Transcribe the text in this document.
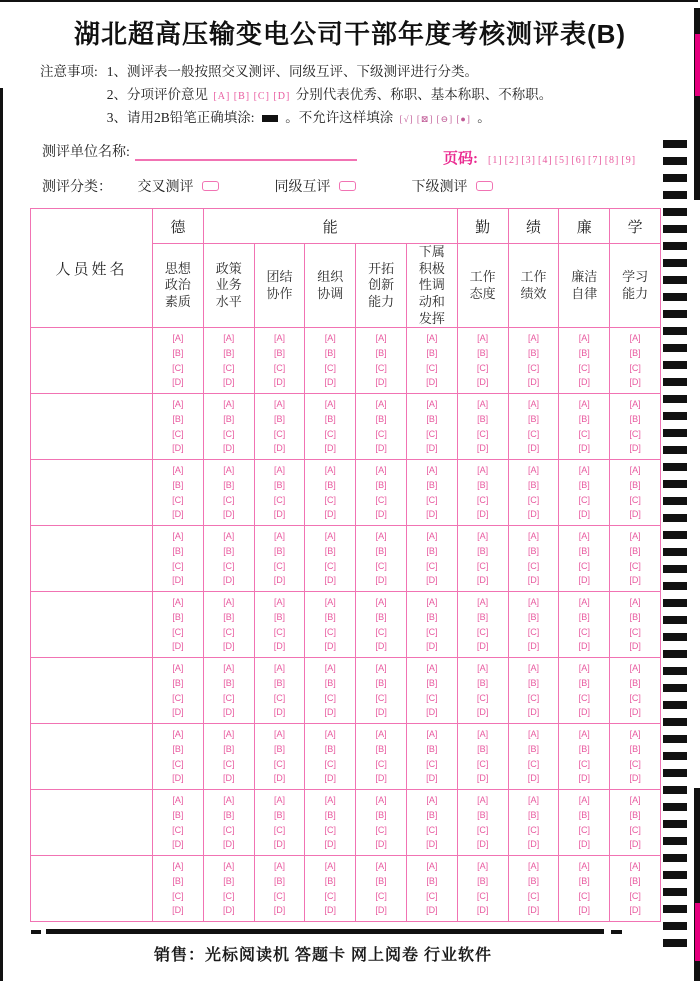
湖北超高压输变电公司干部年度考核测评表(B)
注意事项: 1、测评表一般按照交叉测评、同级互评、下级测评进行分类。
2、分项评价意见 [A] [B] [C] [D] 分别代表优秀、称职、基本称职、不称职。
3、请用2B铅笔正确填涂: 。不允许这样填涂 [√] [⊠] [⊖] [●] 。
测评单位名称:	页码: [1] [2] [3] [4] [5] [6] [7] [8] [9]
测评分类： 交叉测评	同级互评	下级测评
人员姓名	德	能					勤	绩	廉	学
	思想政治素质	政策业务水平	团结协作	组织协调	开拓创新能力	下属积极性调动和发挥	工作态度	工作绩效	廉洁自律	学习能力

	[A]
[B]
[C]
[D]	[A]
[B]
[C]
[D]	[A]
[B]
[C]
[D]	[A]
[B]
[C]
[D]	[A]
[B]
[C]
[D]	[A]
[B]
[C]
[D]	[A]
[B]
[C]
[D]	[A]
[B]
[C]
[D]	[A]
[B]
[C]
[D]	[A]
[B]
[C]
[D]

	[A]
[B]
[C]
[D]	[A]
[B]
[C]
[D]	[A]
[B]
[C]
[D]	[A]
[B]
[C]
[D]	[A]
[B]
[C]
[D]	[A]
[B]
[C]
[D]	[A]
[B]
[C]
[D]	[A]
[B]
[C]
[D]	[A]
[B]
[C]
[D]	[A]
[B]
[C]
[D]

	[A]
[B]
[C]
[D]	[A]
[B]
[C]
[D]	[A]
[B]
[C]
[D]	[A]
[B]
[C]
[D]	[A]
[B]
[C]
[D]	[A]
[B]
[C]
[D]	[A]
[B]
[C]
[D]	[A]
[B]
[C]
[D]	[A]
[B]
[C]
[D]	[A]
[B]
[C]
[D]

	[A]
[B]
[C]
[D]	[A]
[B]
[C]
[D]	[A]
[B]
[C]
[D]	[A]
[B]
[C]
[D]	[A]
[B]
[C]
[D]	[A]
[B]
[C]
[D]	[A]
[B]
[C]
[D]	[A]
[B]
[C]
[D]	[A]
[B]
[C]
[D]	[A]
[B]
[C]
[D]

	[A]
[B]
[C]
[D]	[A]
[B]
[C]
[D]	[A]
[B]
[C]
[D]	[A]
[B]
[C]
[D]	[A]
[B]
[C]
[D]	[A]
[B]
[C]
[D]	[A]
[B]
[C]
[D]	[A]
[B]
[C]
[D]	[A]
[B]
[C]
[D]	[A]
[B]
[C]
[D]

	[A]
[B]
[C]
[D]	[A]
[B]
[C]
[D]	[A]
[B]
[C]
[D]	[A]
[B]
[C]
[D]	[A]
[B]
[C]
[D]	[A]
[B]
[C]
[D]	[A]
[B]
[C]
[D]	[A]
[B]
[C]
[D]	[A]
[B]
[C]
[D]	[A]
[B]
[C]
[D]

	[A]
[B]
[C]
[D]	[A]
[B]
[C]
[D]	[A]
[B]
[C]
[D]	[A]
[B]
[C]
[D]	[A]
[B]
[C]
[D]	[A]
[B]
[C]
[D]	[A]
[B]
[C]
[D]	[A]
[B]
[C]
[D]	[A]
[B]
[C]
[D]	[A]
[B]
[C]
[D]

	[A]
[B]
[C]
[D]	[A]
[B]
[C]
[D]	[A]
[B]
[C]
[D]	[A]
[B]
[C]
[D]	[A]
[B]
[C]
[D]	[A]
[B]
[C]
[D]	[A]
[B]
[C]
[D]	[A]
[B]
[C]
[D]	[A]
[B]
[C]
[D]	[A]
[B]
[C]
[D]

	[A]
[B]
[C]
[D]	[A]
[B]
[C]
[D]	[A]
[B]
[C]
[D]	[A]
[B]
[C]
[D]	[A]
[B]
[C]
[D]	[A]
[B]
[C]
[D]	[A]
[B]
[C]
[D]	[A]
[B]
[C]
[D]	[A]
[B]
[C]
[D]	[A]
[B]
[C]
[D]
销售：光标阅读机 答题卡 网上阅卷 行业软件
